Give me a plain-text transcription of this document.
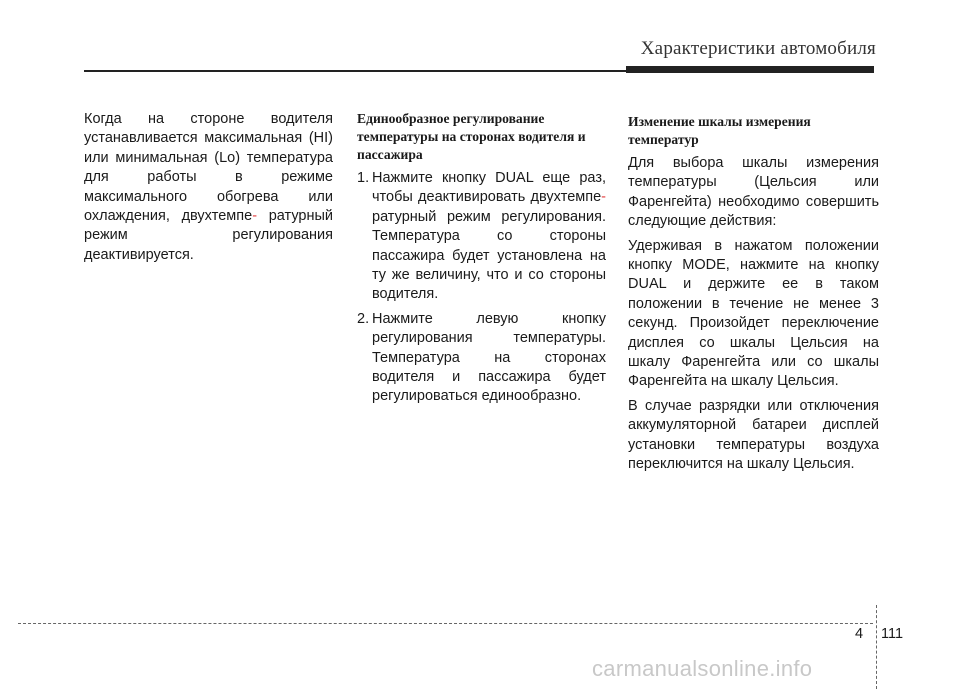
Характеристики автомобиля

Когда на стороне водителя устанавливается максимальная (HI) или минимальная (Lo) температура для работы в режиме максимального обогрева или охлаждения, двухтемпе- ратурный режим регулирования деактивируется.

Единообразное регулирование температуры на сторонах водителя и пассажира
1. Нажмите кнопку DUAL еще раз, чтобы деактивировать двухтемпе- ратурный режим регулирования. Температура со стороны пассажира будет установлена на ту же величину, что и со стороны водителя.
2. Нажмите левую кнопку регулирования температуры. Температура на сторонах водителя и пассажира будет регулироваться единообразно.
Изменение шкалы измерения температур

Для выбора шкалы измерения температуры (Цельсия или Фаренгейта) необходимо совершить следующие действия:

Удерживая в нажатом положении кнопку MODE, нажмите на кнопку DUAL и держите ее в таком положении в течение не менее 3 секунд. Произойдет переключение дисплея со шкалы Цельсия на шкалу Фаренгейта или со шкалы Фаренгейта на шкалу Цельсия.

В случае разрядки или отключения аккумуляторной батареи дисплей установки температуры воздуха переключится на шкалу Цельсия.

4 111
carmanualsonline.info
